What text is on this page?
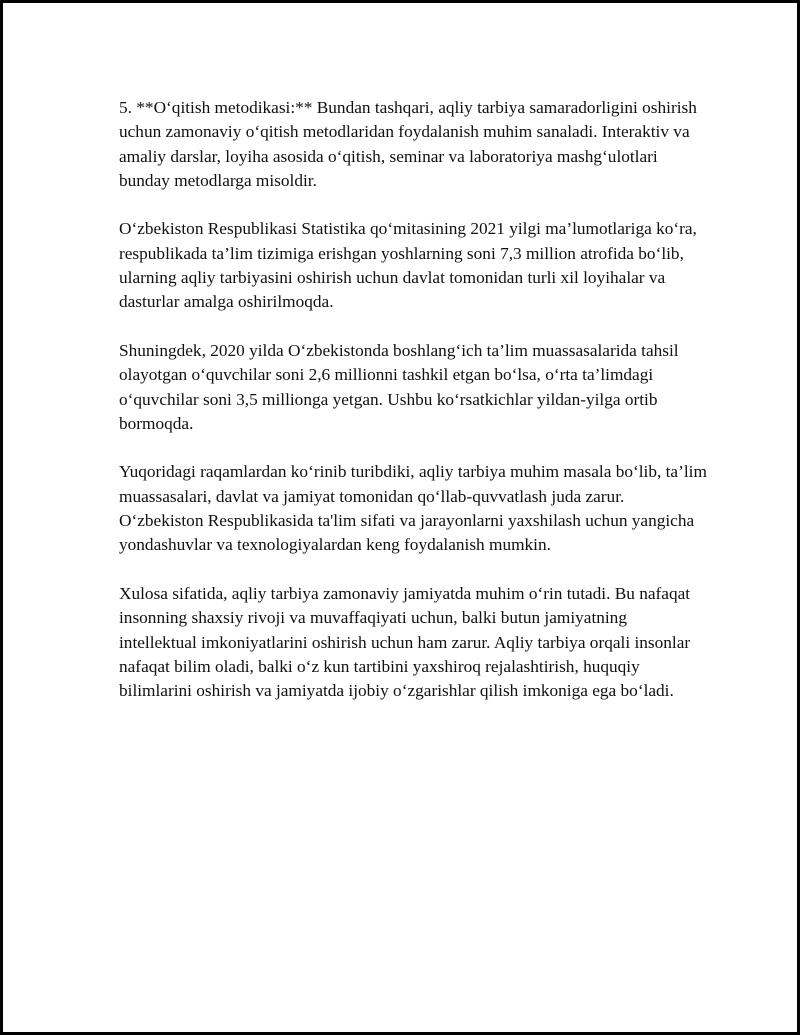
5. **O‘qitish metodikasi:** Bundan tashqari, aqliy tarbiya samaradorligini oshirish uchun zamonaviy o‘qitish metodlaridan foydalanish muhim sanaladi. Interaktiv va amaliy darslar, loyiha asosida o‘qitish, seminar va laboratoriya mashg‘ulotlari bunday metodlarga misoldir.

O‘zbekiston Respublikasi Statistika qo‘mitasining 2021 yilgi ma’lumotlariga ko‘ra, respublikada ta’lim tizimiga erishgan yoshlarning soni 7,3 million atrofida bo‘lib, ularning aqliy tarbiyasini oshirish uchun davlat tomonidan turli xil loyihalar va dasturlar amalga oshirilmoqda.

Shuningdek, 2020 yilda O‘zbekistonda boshlang‘ich ta’lim muassasalarida tahsil olayotgan o‘quvchilar soni 2,6 millionni tashkil etgan bo‘lsa, o‘rta ta’limdagi o‘quvchilar soni 3,5 millionga yetgan. Ushbu ko‘rsatkichlar yildan-yilga ortib bormoqda.

Yuqoridagi raqamlardan ko‘rinib turibdiki, aqliy tarbiya muhim masala bo‘lib, ta’lim muassasalari, davlat va jamiyat tomonidan qo‘llab-quvvatlash juda zarur. O‘zbekiston Respublikasida ta'lim sifati va jarayonlarni yaxshilash uchun yangicha yondashuvlar va texnologiyalardan keng foydalanish mumkin.

Xulosa sifatida, aqliy tarbiya zamonaviy jamiyatda muhim o‘rin tutadi. Bu nafaqat insonning shaxsiy rivoji va muvaffaqiyati uchun, balki butun jamiyatning intellektual imkoniyatlarini oshirish uchun ham zarur. Aqliy tarbiya orqali insonlar nafaqat bilim oladi, balki o‘z kun tartibini yaxshiroq rejalashtirish, huquqiy bilimlarini oshirish va jamiyatda ijobiy o‘zgarishlar qilish imkoniga ega bo‘ladi.
